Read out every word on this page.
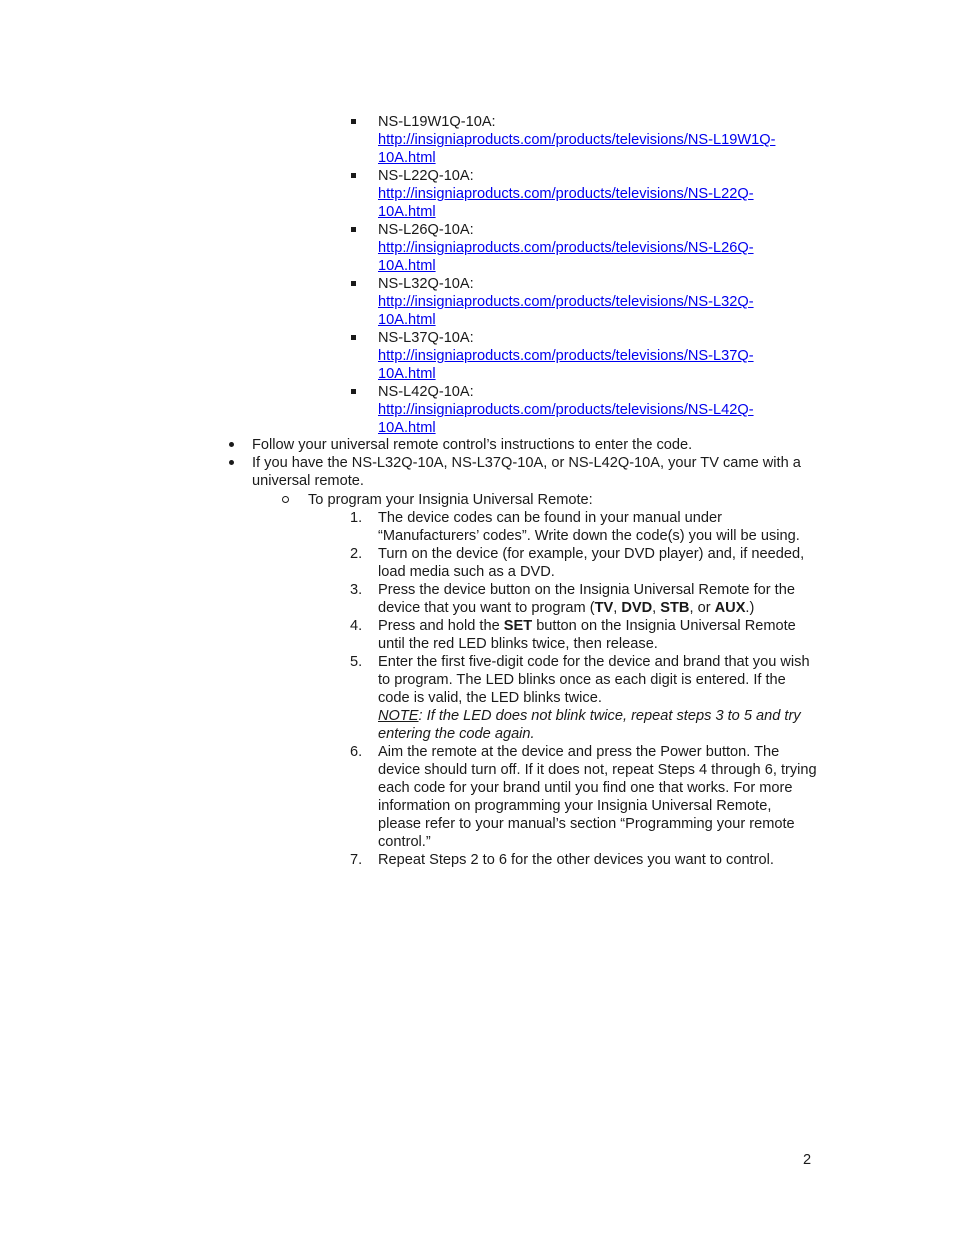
NS-L19W1Q-10A:
http://insigniaproducts.com/products/televisions/NS-L19W1Q-
10A.html
NS-L22Q-10A:
http://insigniaproducts.com/products/televisions/NS-L22Q-
10A.html
NS-L26Q-10A:
http://insigniaproducts.com/products/televisions/NS-L26Q-
10A.html
NS-L32Q-10A:
http://insigniaproducts.com/products/televisions/NS-L32Q-
10A.html
NS-L37Q-10A:
http://insigniaproducts.com/products/televisions/NS-L37Q-
10A.html
NS-L42Q-10A:
http://insigniaproducts.com/products/televisions/NS-L42Q-
10A.html
Follow your universal remote control’s instructions to enter the code.
If you have the NS-L32Q-10A, NS-L37Q-10A, or NS-L42Q-10A, your TV came with a universal remote.
To program your Insignia Universal Remote:
1. The device codes can be found in your manual under “Manufacturers’ codes”. Write down the code(s) you will be using.
2. Turn on the device (for example, your DVD player) and, if needed, load media such as a DVD.
3. Press the device button on the Insignia Universal Remote for the device that you want to program (TV, DVD, STB, or AUX.)
4. Press and hold the SET button on the Insignia Universal Remote until the red LED blinks twice, then release.
5. Enter the first five-digit code for the device and brand that you wish to program. The LED blinks once as each digit is entered. If the code is valid, the LED blinks twice.
NOTE: If the LED does not blink twice, repeat steps 3 to 5 and try entering the code again.
6. Aim the remote at the device and press the Power button. The device should turn off. If it does not, repeat Steps 4 through 6, trying each code for your brand until you find one that works. For more information on programming your Insignia Universal Remote, please refer to your manual’s section “Programming your remote control.”
7. Repeat Steps 2 to 6 for the other devices you want to control.
2
